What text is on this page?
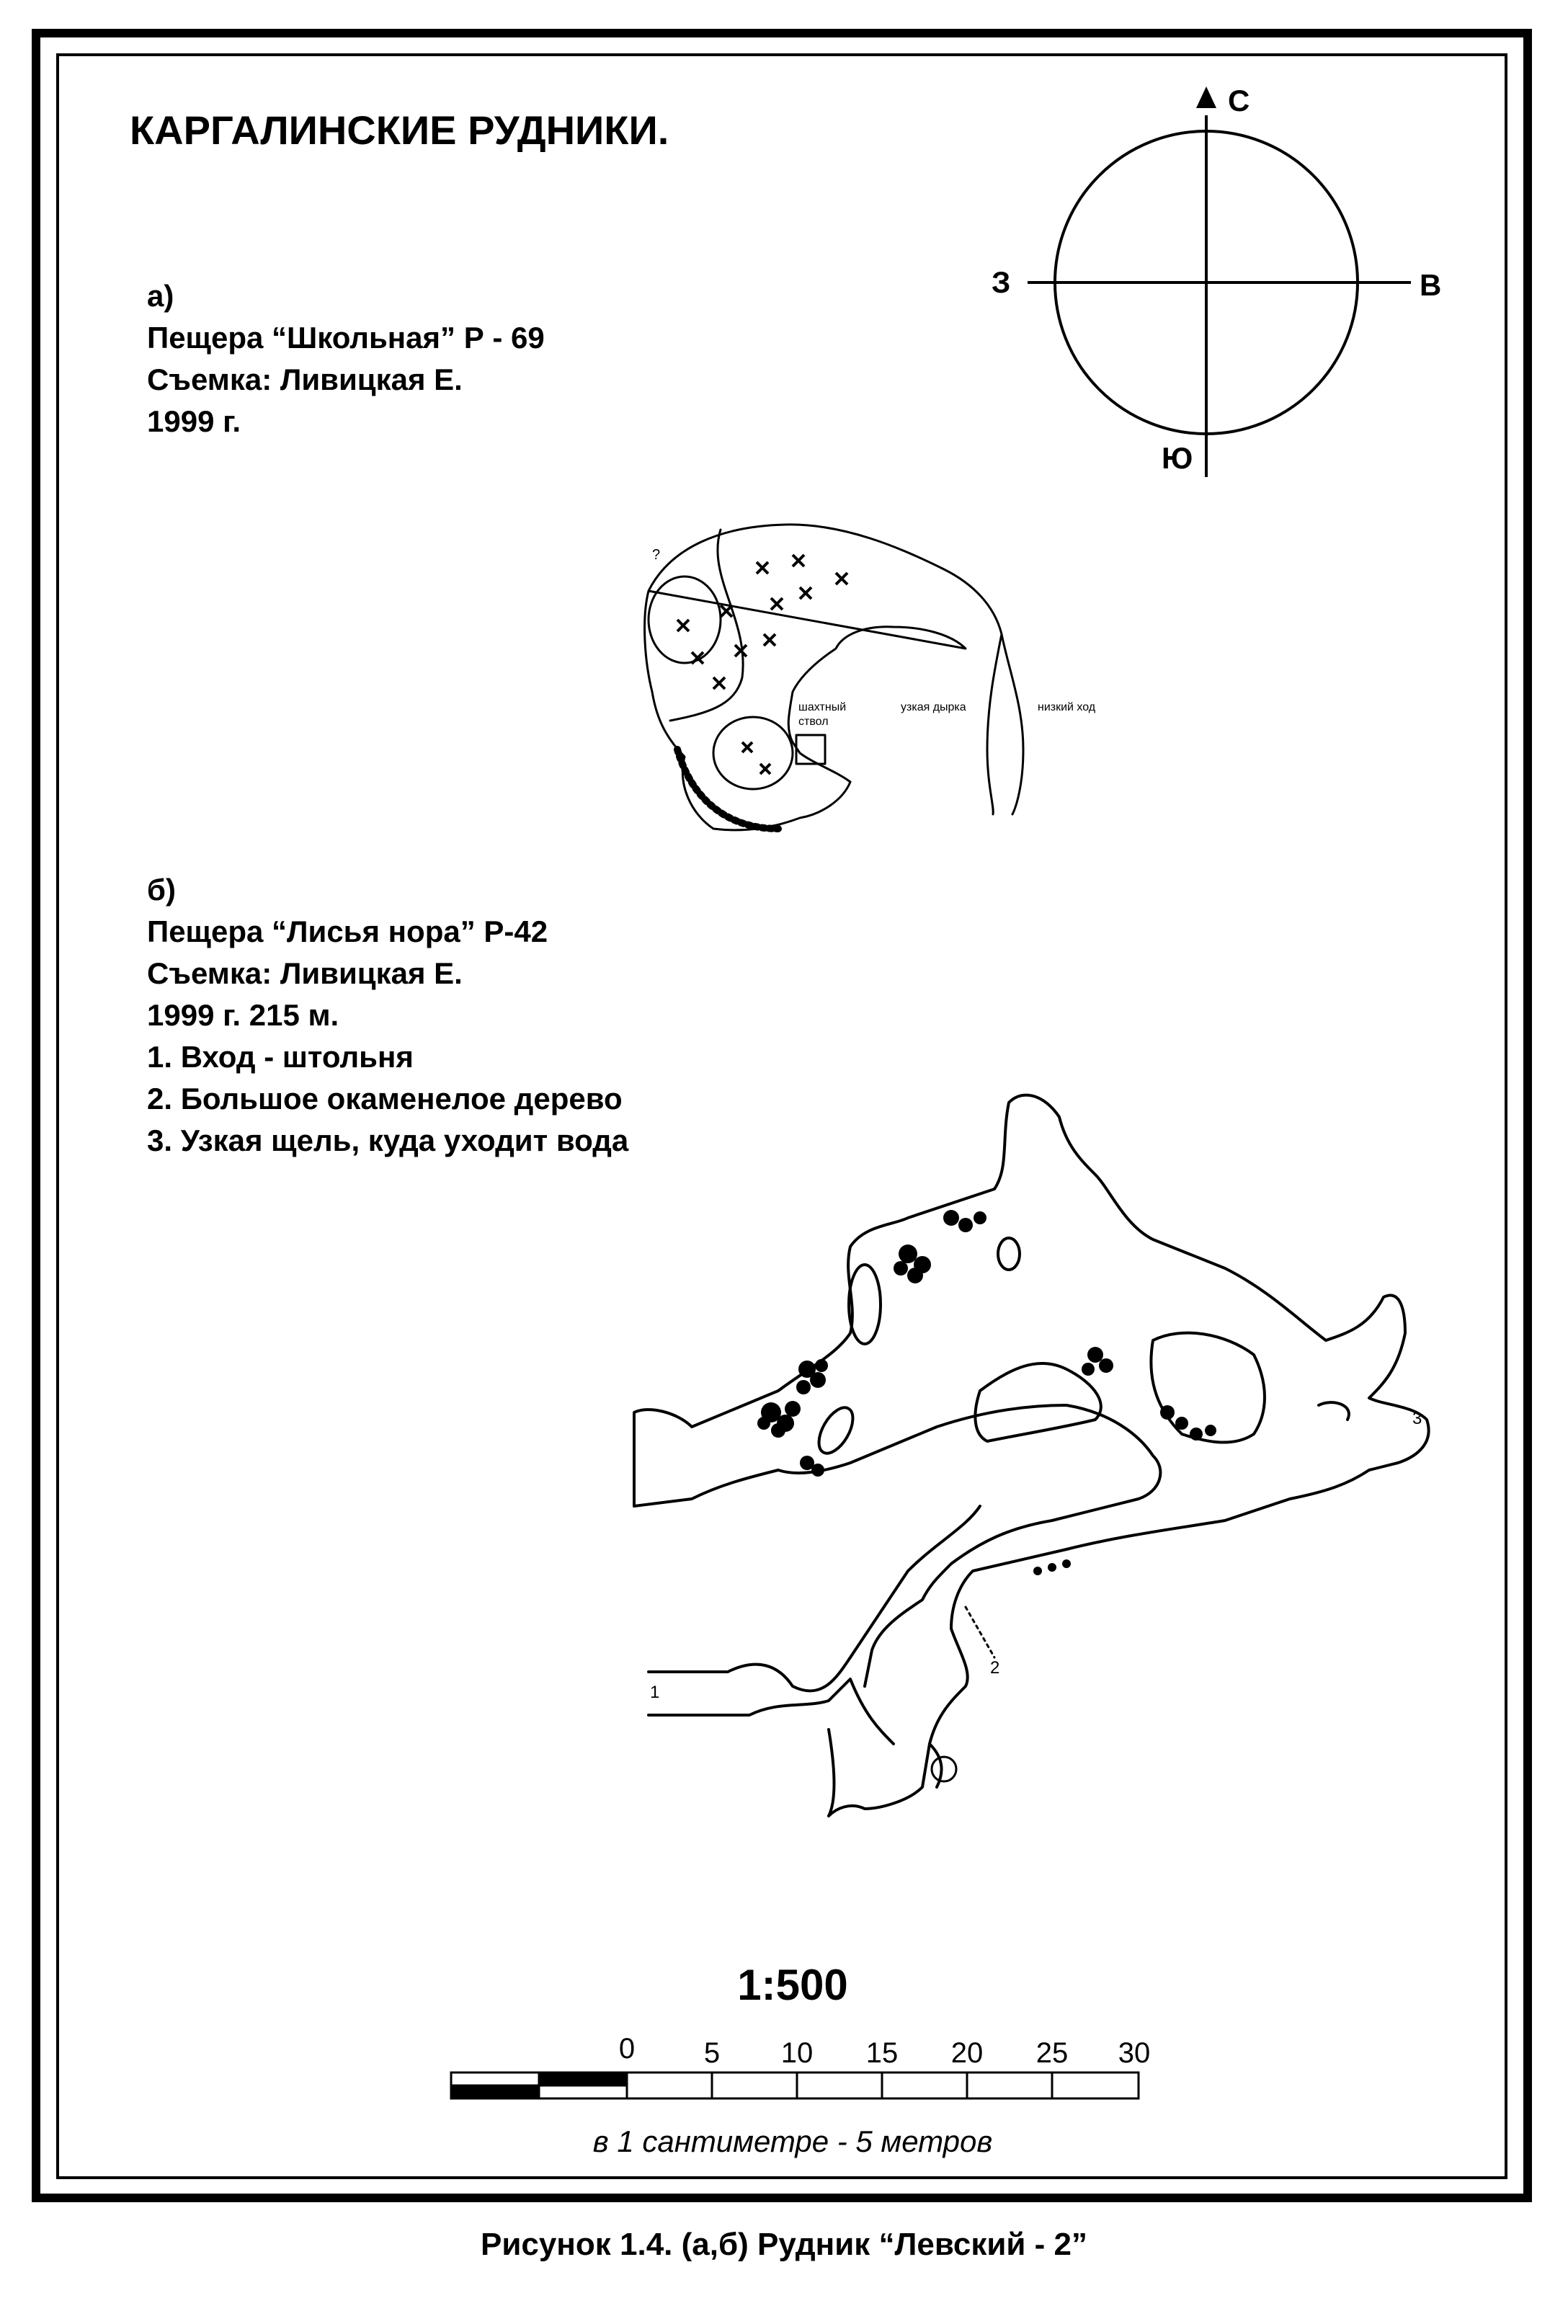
КАРГАЛИНСКИЕ РУДНИКИ.
а)
Пещера “Школьная” Р - 69
Съемка: Ливицкая Е.
1999 г.
б)
Пещера “Лисья нора” Р-42
Съемка: Ливицкая Е.
1999 г. 215 м.
1. Вход - штольня
2. Большое окаменелое дерево
3. Узкая щель, куда уходит вода
С
Ю
З	В
шахтный
ствол
узкая дырка	низкий ход
?
1
2
3
0 5 10 15 20 25 30
1:500
в 1 сантиметре - 5 метров
Рисунок 1.4. (а,б) Рудник “Левский - 2”
